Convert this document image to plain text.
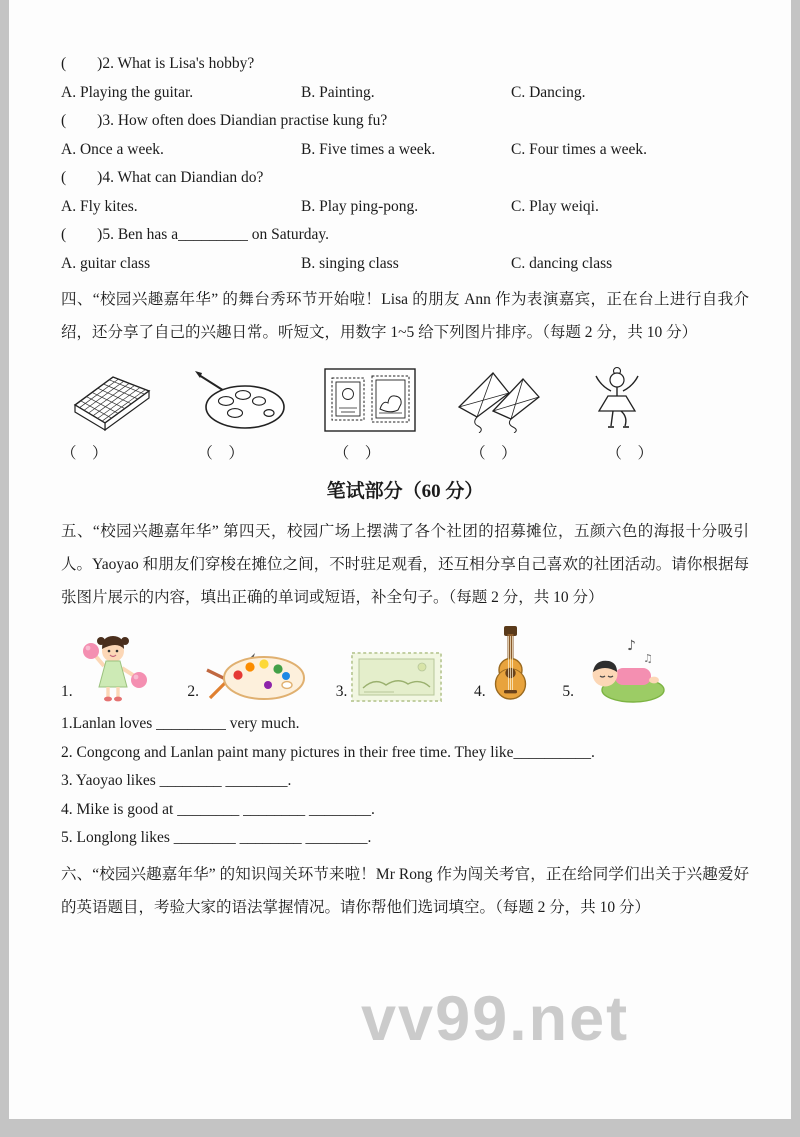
(        )2. What is Lisa's hobby?
A. Playing the guitar.	B. Painting.	C. Dancing.
(        )3. How often does Diandian practise kung fu?
A. Once a week.	B. Five times a week.	C. Four times a week.
(        )4. What can Diandian do?
A. Fly kites.	B. Play ping-pong.	C. Play weiqi.
(        )5. Ben has a_________ on Saturday.
A. guitar class	B. singing class	C. dancing class
四、“校园兴趣嘉年华” 的舞台秀环节开始啦！Lisa 的朋友 Ann 作为表演嘉宾，正在台上进行自我介绍，还分享了自己的兴趣日常。听短文，用数字 1~5 给下列图片排序。（每题 2 分，共 10 分）
（    ）	（    ）	（    ）	（    ）	（    ）
笔试部分（60 分）
五、“校园兴趣嘉年华” 第四天，校园广场上摆满了各个社团的招募摊位，五颜六色的海报十分吸引人。Yaoyao 和朋友们穿梭在摊位之间，不时驻足观看，还互相分享自己喜欢的社团活动。请你根据每张图片展示的内容，填出正确的单词或短语，补全句子。（每题 2 分，共 10 分）
1.	2.	3.	4.	5.
♪
♫
1.Lanlan loves _________ very much.
2. Congcong and Lanlan paint many pictures in their free time. They like__________.
3. Yaoyao likes ________ ________.
4. Mike is good at ________ ________ ________.
5. Longlong likes ________ ________ ________.
六、“校园兴趣嘉年华” 的知识闯关环节来啦！Mr Rong 作为闯关考官，正在给同学们出关于兴趣爱好的英语题目，考验大家的语法掌握情况。请你帮他们选词填空。（每题 2 分，共 10 分）
vv99.net
